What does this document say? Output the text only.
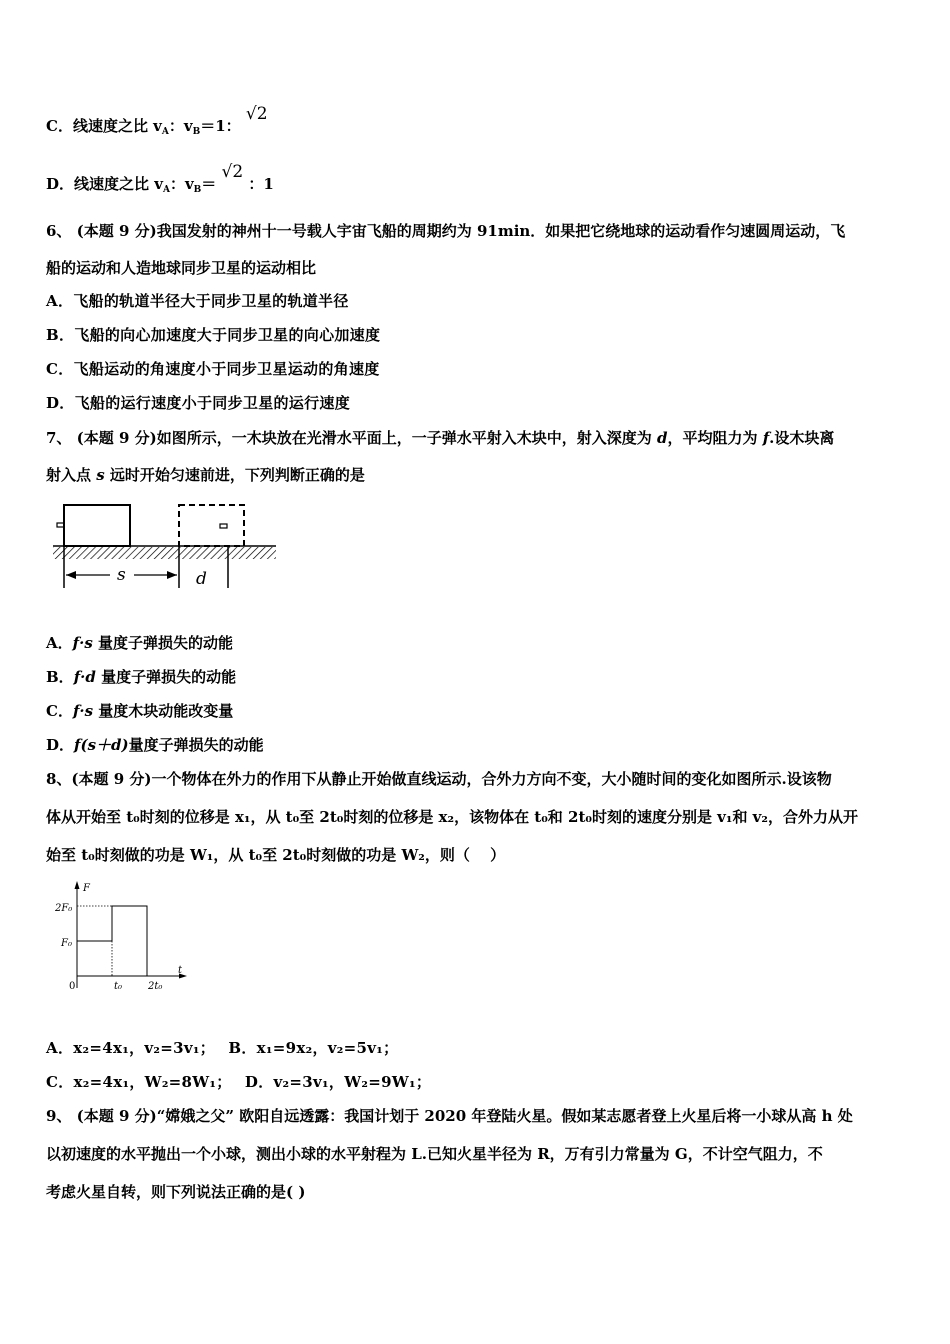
C．线速度之比 $v_A$：$v_B=1$： √2
D．线速度之比 $v_A$：$v_B= √2$ ：1
6、 (本题 9 分)我国发射的神州十一号载人宇宙飞船的周期约为 91min．如果把它绕地球的运动看作匀速圆周运动，飞
船的运动和人造地球同步卫星的运动相比
A．飞船的轨道半径大于同步卫星的轨道半径
B．飞船的向心加速度大于同步卫星的向心加速度
C．飞船运动的角速度小于同步卫星运动的角速度
D．飞船的运行速度小于同步卫星的运行速度
7、 (本题 9 分)如图所示，一木块放在光滑水平面上，一子弹水平射入木块中，射入深度为 d，平均阻力为 f.设木块离
射入点 s 远时开始匀速前进，下列判断正确的是
s	d
A．f·s 量度子弹损失的动能
B．f·d 量度子弹损失的动能
C．f·s 量度木块动能改变量
D．f(s＋d)量度子弹损失的动能
8、(本题 9 分)一个物体在外力的作用下从静止开始做直线运动，合外力方向不变，大小随时间的变化如图所示.设该物
体从开始至 t₀时刻的位移是 x₁，从 t₀至 2t₀时刻的位移是 x₂，该物体在 t₀和 2t₀时刻的速度分别是 v₁和 v₂，合外力从开
始至 t₀时刻做的功是 W₁，从 t₀至 2t₀时刻做的功是 W₂，则（　 ）
F
t
2F₀
F₀
0	t₀	2t₀
A．x₂=4x₁，v₂=3v₁；　 B．x₁=9x₂，v₂=5v₁；
C．x₂=4x₁，W₂=8W₁；　 D．v₂=3v₁，W₂=9W₁；
9、 (本题 9 分)“嫦娥之父” 欧阳自远透露：我国计划于 2020 年登陆火星。假如某志愿者登上火星后将一小球从高 h 处
以初速度的水平抛出一个小球，测出小球的水平射程为 L.已知火星半径为 R，万有引力常量为 G，不计空气阻力，不
考虑火星自转，则下列说法正确的是( )
